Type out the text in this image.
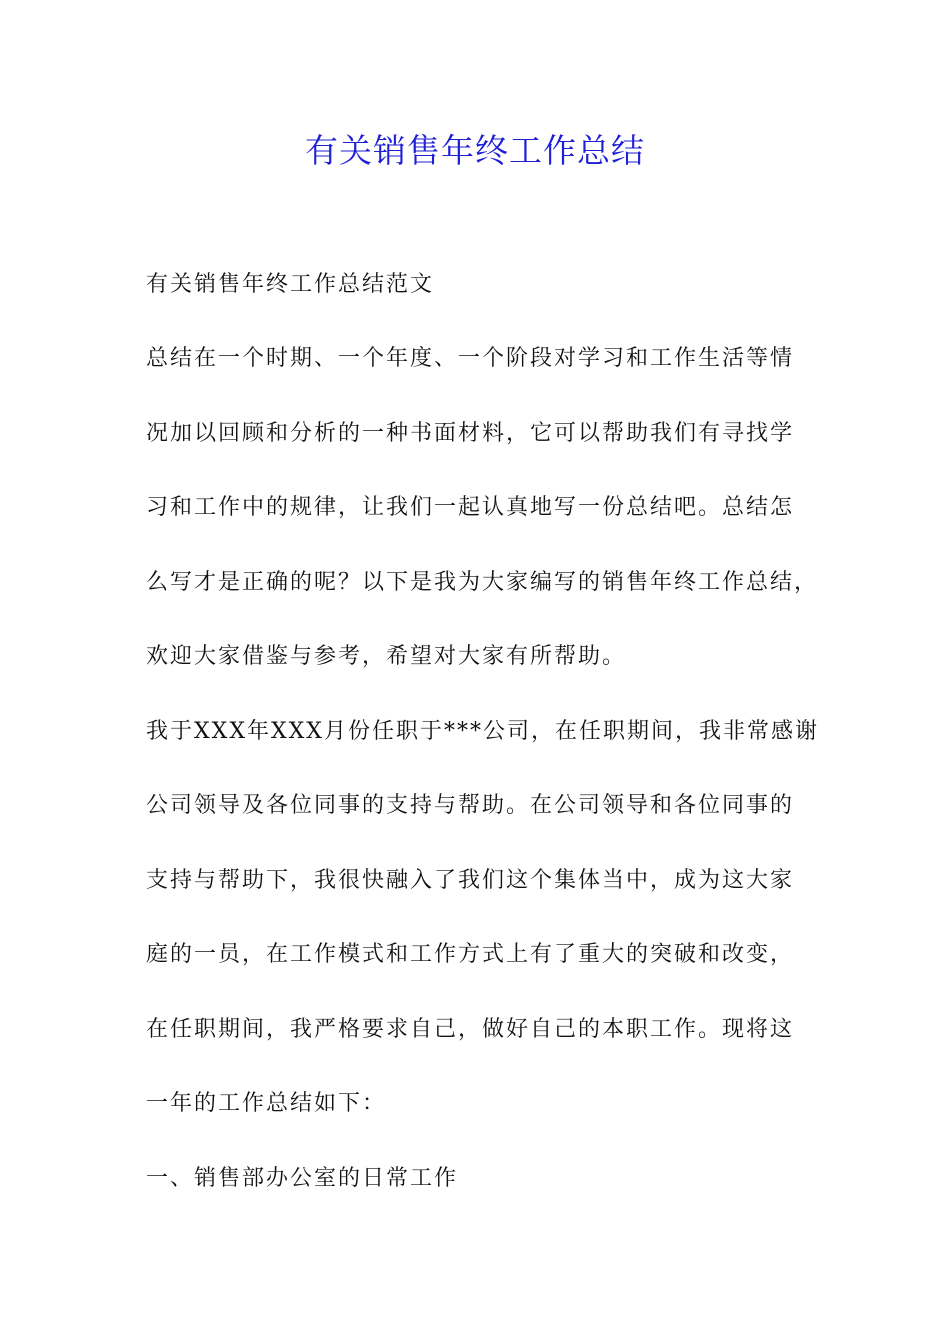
有关销售年终工作总结

有关销售年终工作总结范文

总结在一个时期、一个年度、一个阶段对学习和工作生活等情

况加以回顾和分析的一种书面材料，它可以帮助我们有寻找学

习和工作中的规律，让我们一起认真地写一份总结吧。总结怎

么写才是正确的呢？以下是我为大家编写的销售年终工作总结，

欢迎大家借鉴与参考，希望对大家有所帮助。

我于XXX年XXX月份任职于***公司，在任职期间，我非常感谢

公司领导及各位同事的支持与帮助。在公司领导和各位同事的

支持与帮助下，我很快融入了我们这个集体当中，成为这大家

庭的一员，在工作模式和工作方式上有了重大的突破和改变，

在任职期间，我严格要求自己，做好自己的本职工作。现将这

一年的工作总结如下：

一、销售部办公室的日常工作
